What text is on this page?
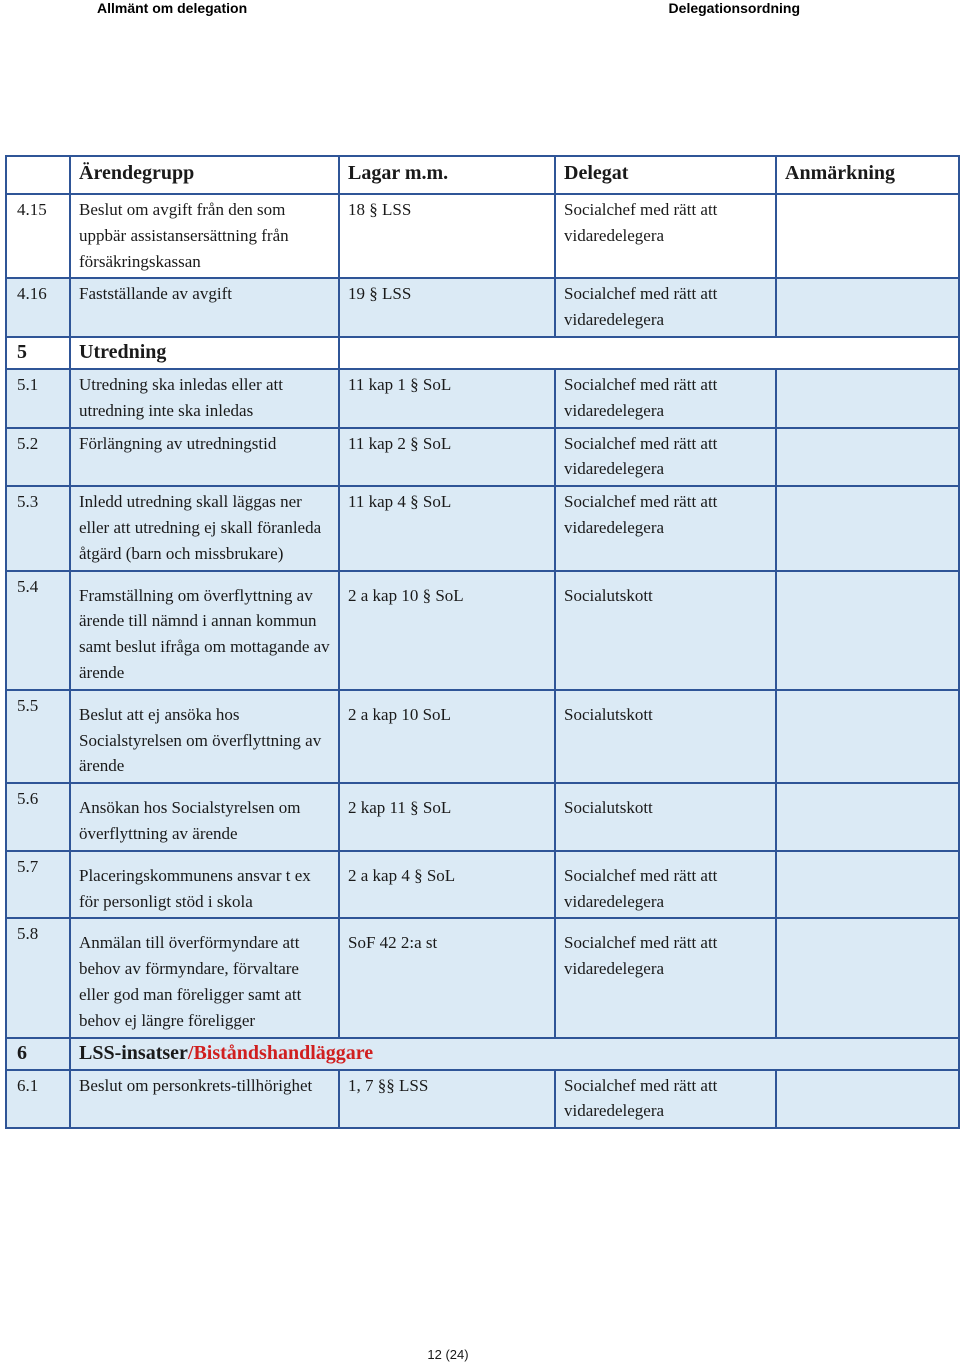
Allmänt om delegation	Delegationsordning
	Ärendegrupp	Lagar m.m.	Delegat	Anmärkning
4.15	Beslut om avgift från den som uppbär assistansersättning från försäkringskassan	18 § LSS	Socialchef med rätt att vidaredelegera	
4.16	Fastställande av avgift	19 § LSS	Socialchef med rätt att vidaredelegera	
5	Utredning			
5.1	Utredning ska inledas eller att utredning inte ska inledas	11 kap 1 § SoL	Socialchef med rätt att vidaredelegera	
5.2	Förlängning av utredningstid	11 kap 2 § SoL	Socialchef med rätt att vidaredelegera	
5.3	Inledd utredning skall läggas ner eller att utredning ej skall föranleda åtgärd (barn och missbrukare)	11 kap 4 § SoL	Socialchef med rätt att vidaredelegera	
5.4	Framställning om överflyttning av ärende till nämnd i annan kommun samt beslut ifråga om mottagande av ärende	2 a kap 10 § SoL	Socialutskott	
5.5	Beslut att ej ansöka hos Socialstyrelsen om överflyttning av ärende	2 a kap 10 SoL	Socialutskott	
5.6	Ansökan hos Socialstyrelsen om överflyttning av ärende	2 kap 11 § SoL	Socialutskott	
5.7	Placeringskommunens ansvar t ex för personligt stöd i skola	2 a kap 4 § SoL	Socialchef med rätt att vidaredelegera	
5.8	Anmälan till överförmyndare att behov av förmyndare, förvaltare eller god man föreligger samt att behov ej längre föreligger	SoF 42 2:a st	Socialchef med rätt att vidaredelegera	
6	LSS-insatser/Biståndshandläggare			
6.1	Beslut om personkrets-tillhörighet	1, 7 §§ LSS	Socialchef med rätt att vidaredelegera	
12 (24)
